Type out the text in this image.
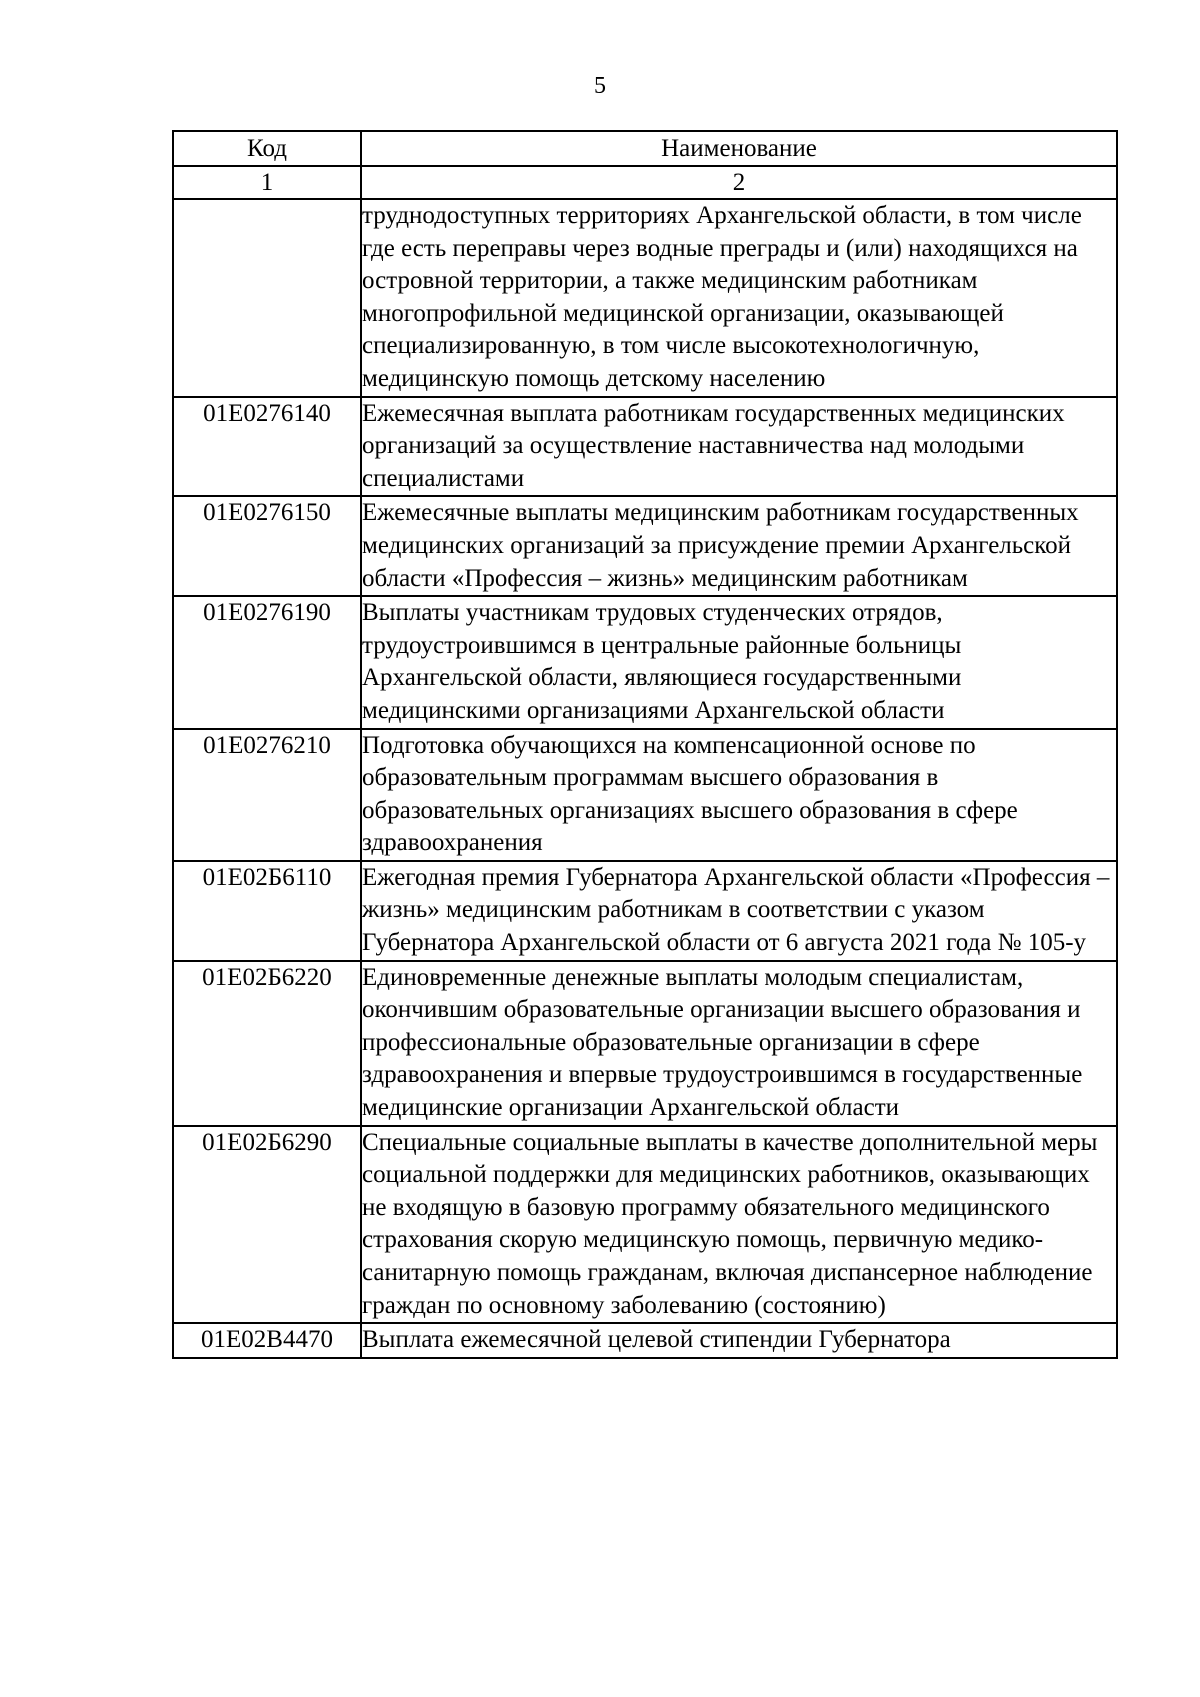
5
Код	Наименование
1	2
	труднодоступных территориях Архангельской области, в том числе где есть переправы через водные преграды и (или) находящихся на островной территории, а также медицинским работникам многопрофильной медицинской организации, оказывающей специализированную, в том числе высокотехнологичную, медицинскую помощь детскому населению
01Е0276140	Ежемесячная выплата работникам государственных медицинских организаций за осуществление наставничества над молодыми специалистами
01Е0276150	Ежемесячные выплаты медицинским работникам государственных медицинских организаций за присуждение премии Архангельской области «Профессия – жизнь» медицинским работникам
01Е0276190	Выплаты участникам трудовых студенческих отрядов, трудоустроившимся в центральные районные больницы Архангельской области, являющиеся государственными медицинскими организациями Архангельской области
01Е0276210	Подготовка обучающихся на компенсационной основе по образовательным программам высшего образования в образовательных организациях высшего образования в сфере здравоохранения
01Е02Б6110	Ежегодная премия Губернатора Архангельской области «Профессия – жизнь» медицинским работникам в соответствии с указом Губернатора Архангельской области от 6 августа 2021 года № 105-у
01Е02Б6220	Единовременные денежные выплаты молодым специалистам, окончившим образовательные организации высшего образования и профессиональные образовательные организации в сфере здравоохранения и впервые трудоустроившимся в государственные медицинские организации Архангельской области
01Е02Б6290	Специальные социальные выплаты в качестве дополнительной меры социальной поддержки для медицинских работников, оказывающих не входящую в базовую программу обязательного медицинского страхования скорую медицинскую помощь, первичную медико-санитарную помощь гражданам, включая диспансерное наблюдение граждан по основному заболеванию (состоянию)
01Е02В4470	Выплата ежемесячной целевой стипендии Губернатора
